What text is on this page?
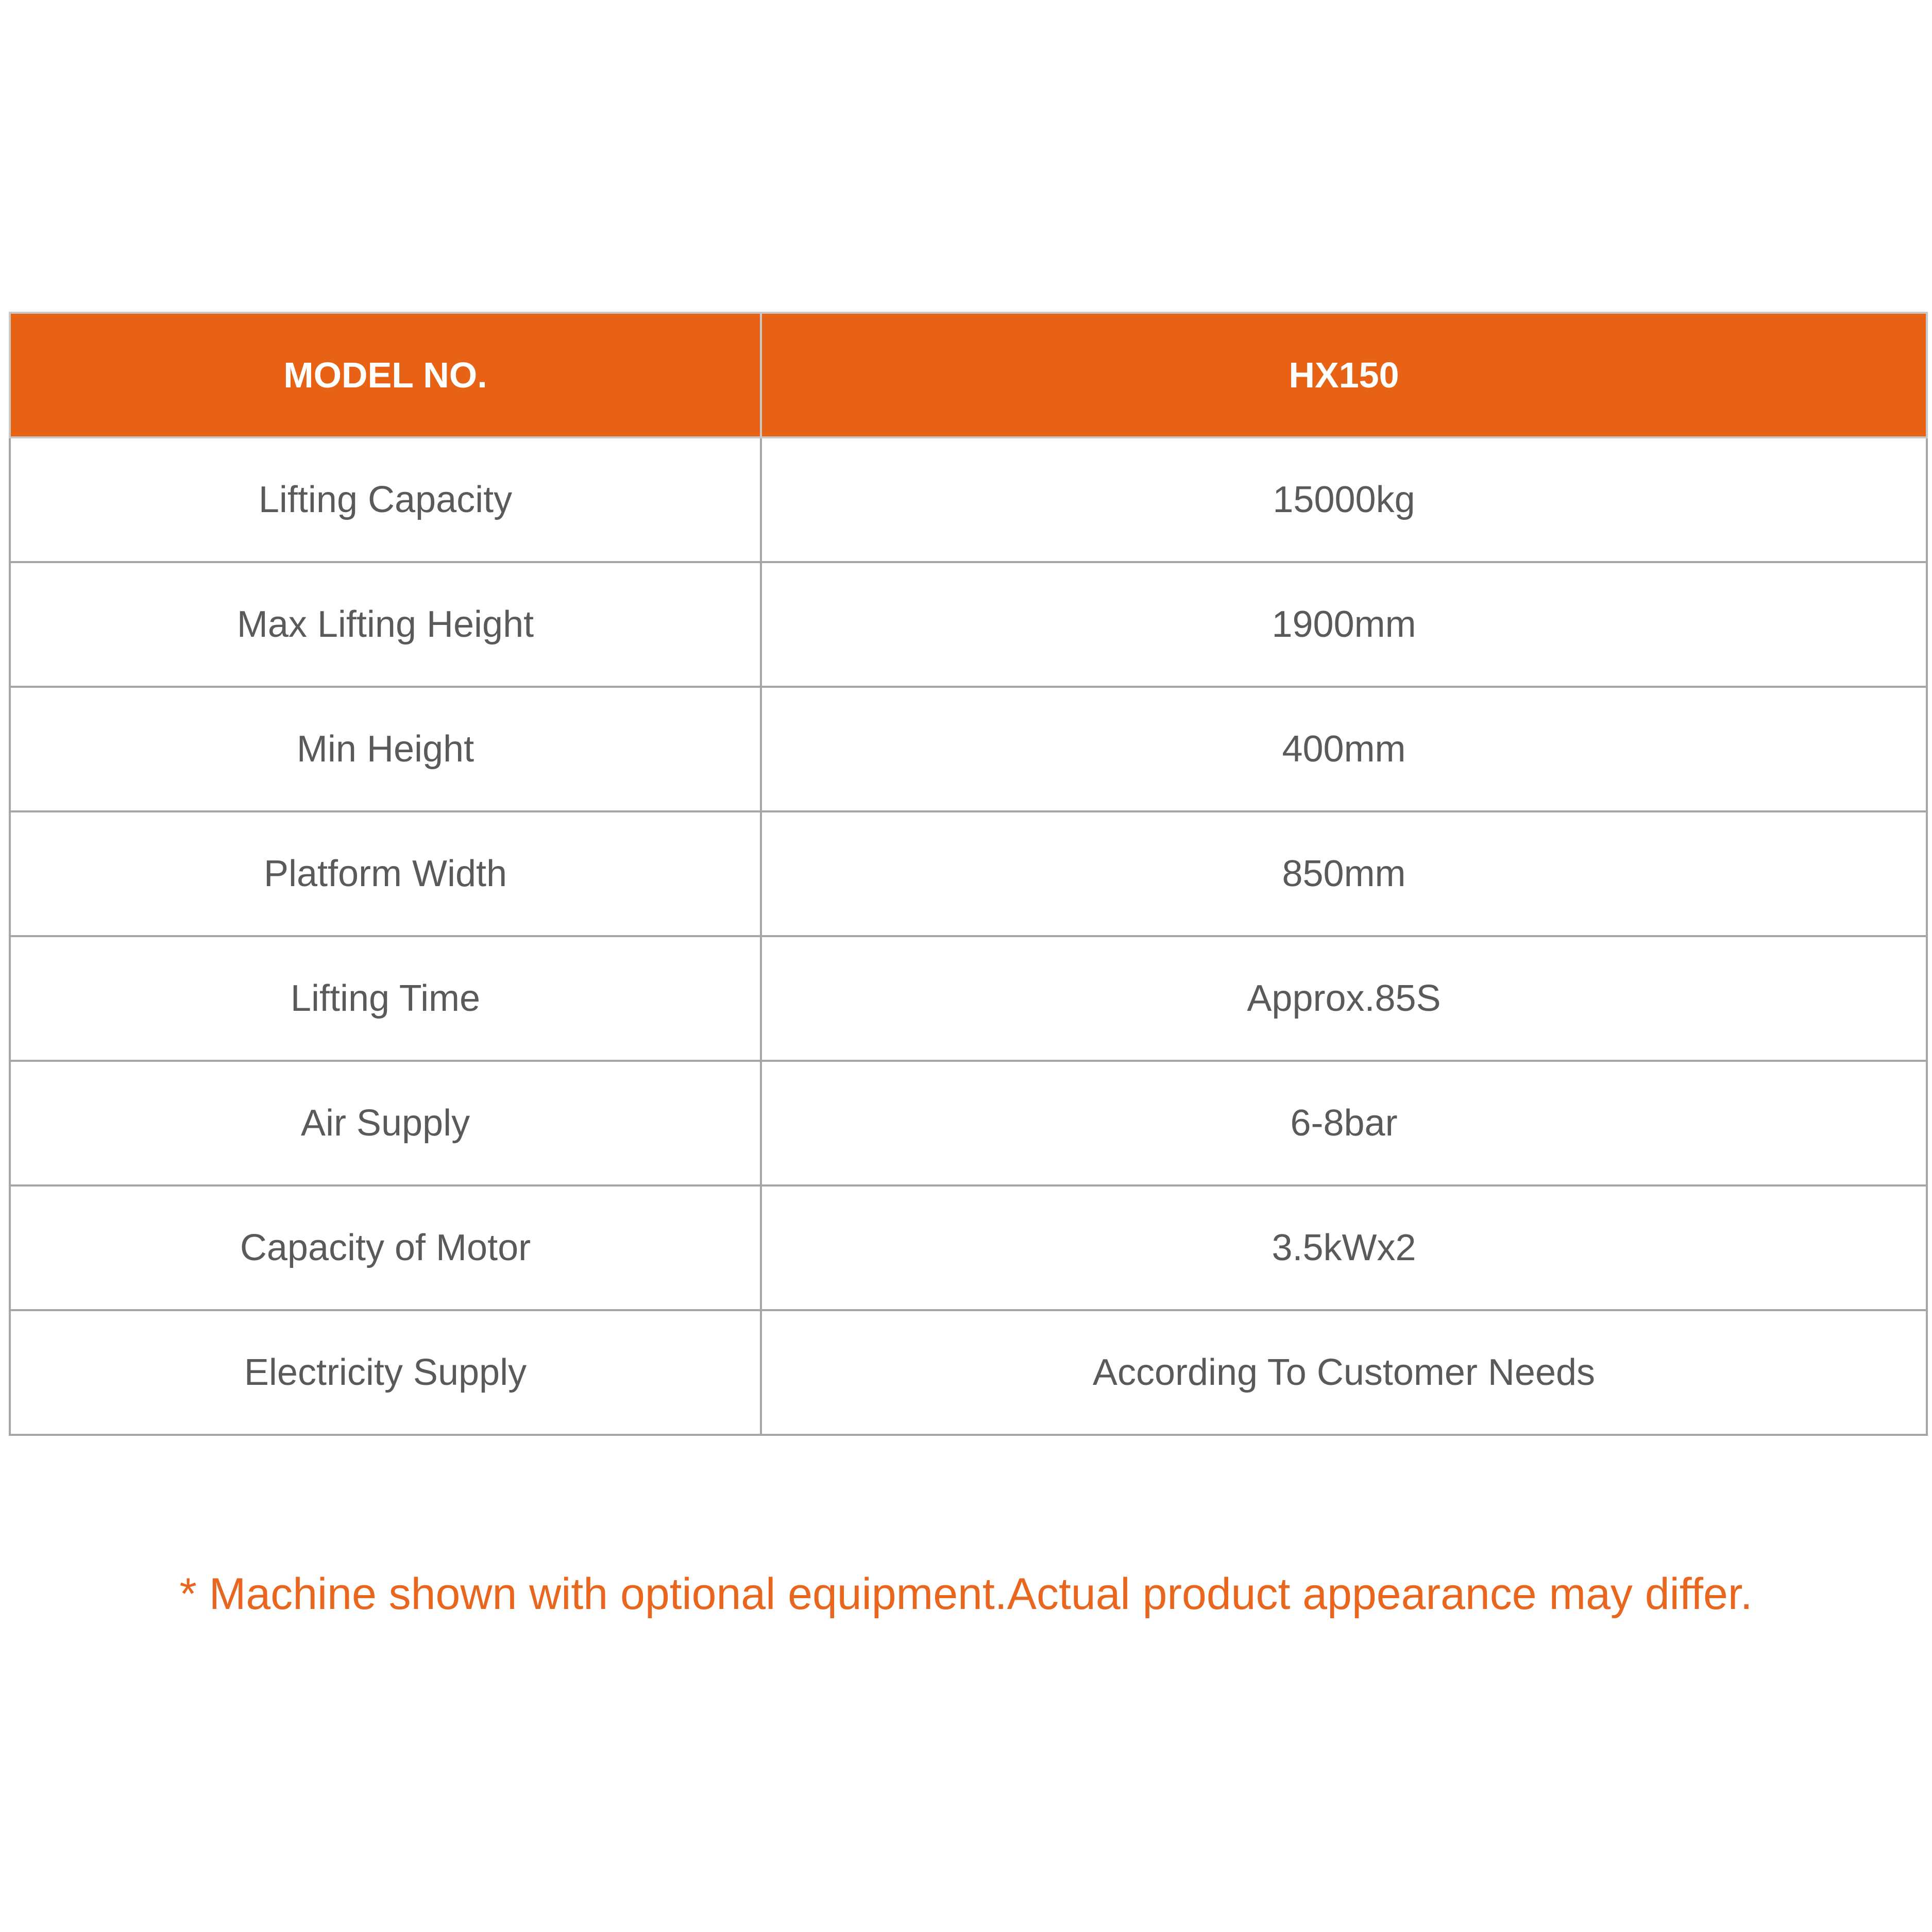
MODEL NO.	HX150
Lifting Capacity	15000kg
Max Lifting Height	1900mm
Min Height	400mm
Platform Width	850mm
Lifting Time	Approx.85S
Air Supply	6-8bar
Capacity of Motor	3.5kWx2
Electricity Supply	According To Customer Needs
* Machine shown with optional equipment.Actual product appearance may differ.
